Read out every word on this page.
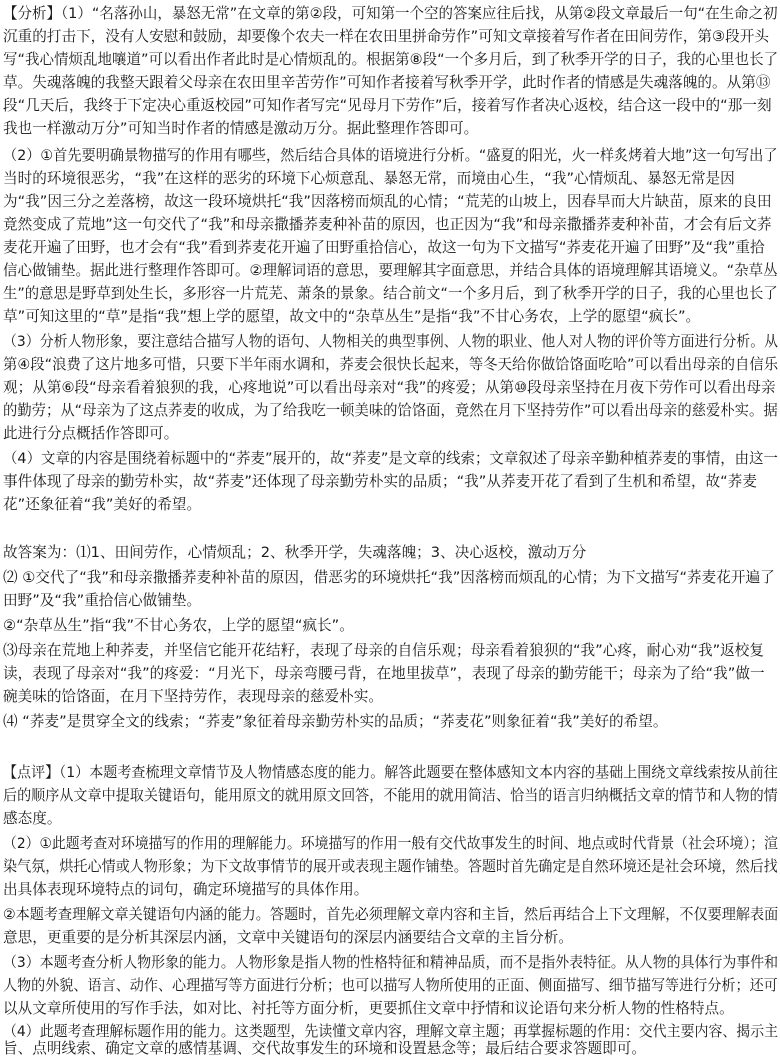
【分析】（1）“名落孙山，暴怒无常”在文章的第②段，可知第一个空的答案应往后找，从第②段文章最后一句“在生命之初
沉重的打击下，没有人安慰和鼓励，却要像个农夫一样在农田里拼命劳作”可知文章接着写作者在田间劳作，第③段开头
写“我心情烦乱地嚷道”可以看出作者此时是心情烦乱的。根据第⑧段“一个多月后，到了秋季开学的日子，我的心里也长了
草。失魂落魄的我整天跟着父母亲在农田里辛苦劳作”可知作者接着写秋季开学，此时作者的情感是失魂落魄的。从第⑬
段“几天后，我终于下定决心重返校园”可知作者写完“见母月下劳作”后，接着写作者决心返校，结合这一段中的“那一刻
我也一样激动万分”可知当时作者的情感是激动万分。据此整理作答即可。
（2）①首先要明确景物描写的作用有哪些，然后结合具体的语境进行分析。“盛夏的阳光，火一样炙烤着大地”这一句写出了
当时的环境很恶劣，“我”在这样的恶劣的环境下心烦意乱、暴怒无常，而境由心生，“我”心情烦乱、暴怒无常是因
为“我”因三分之差落榜，故这一段环境烘托“我”因落榜而烦乱的心情；“荒芜的山坡上，因春旱而大片缺苗，原来的良田
竟然变成了荒地”这一句交代了“我”和母亲撒播荞麦种补苗的原因，也正因为“我”和母亲撒播荞麦种补苗，才会有后文荞
麦花开遍了田野，也才会有“我”看到荞麦花开遍了田野重拾信心，故这一句为下文描写“荞麦花开遍了田野”及“我”重拾
信心做铺垫。据此进行整理作答即可。②理解词语的意思，要理解其字面意思，并结合具体的语境理解其语境义。“杂草丛
生”的意思是野草到处生长，多形容一片荒芜、萧条的景象。结合前文“一个多月后，到了秋季开学的日子，我的心里也长了
草”可知这里的“草”是指“我”想上学的愿望，故文中的“杂草丛生”是指“我”不甘心务农，上学的愿望“疯长”。
（3）分析人物形象，要注意结合描写人物的语句、人物相关的典型事例、人物的职业、他人对人物的评价等方面进行分析。从
第④段“浪费了这片地多可惜，只要下半年雨水调和，荞麦会很快长起来，等冬天给你做饸饹面吃哈”可以看出母亲的自信乐
观；从第⑥段“母亲看着狼狈的我，心疼地说”可以看出母亲对“我”的疼爱；从第⑩段母亲坚持在月夜下劳作可以看出母亲
的勤劳；从“母亲为了这点荞麦的收成，为了给我吃一顿美味的饸饹面，竟然在月下坚持劳作”可以看出母亲的慈爱朴实。据
此进行分点概括作答即可。
（4）文章的内容是围绕着标题中的“荞麦”展开的，故“荞麦”是文章的线索；文章叙述了母亲辛勤种植荞麦的事情，由这一
事件体现了母亲的勤劳朴实，故“荞麦”还体现了母亲勤劳朴实的品质；“我”从荞麦开花了看到了生机和希望，故“荞麦
花”还象征着“我”美好的希望。
故答案为：⑴1、田间劳作，心情烦乱；2、秋季开学，失魂落魄；3、决心返校，激动万分
⑵ ①交代了“我”和母亲撒播荞麦种补苗的原因，借恶劣的环境烘托“我”因落榜而烦乱的心情；为下文描写“荞麦花开遍了
田野”及“我”重拾信心做铺垫。
②“杂草丛生”指“我”不甘心务农，上学的愿望“疯长”。
⑶母亲在荒地上种荞麦，并坚信它能开花结籽，表现了母亲的自信乐观；母亲看着狼狈的“我”心疼，耐心劝“我”返校复
读，表现了母亲对“我”的疼爱：“月光下，母亲弯腰弓背，在地里拔草”，表现了母亲的勤劳能干；母亲为了给“我”做一
碗美味的饸饹面，在月下坚持劳作，表现母亲的慈爱朴实。
⑷ “荞麦”是贯穿全文的线索；“荞麦”象征着母亲勤劳朴实的品质；“荞麦花”则象征着“我”美好的希望。
【点评】（1）本题考查梳理文章情节及人物情感态度的能力。解答此题要在整体感知文本内容的基础上围绕文章线索按从前往
后的顺序从文章中提取关键语句，能用原文的就用原文回答，不能用的就用简洁、恰当的语言归纳概括文章的情节和人物的情
感态度。
（2）①此题考查对环境描写的作用的理解能力。环境描写的作用一般有交代故事发生的时间、地点或时代背景（社会环境）；渲
染气氛，烘托心情或人物形象；为下文故事情节的展开或表现主题作铺垫。答题时首先确定是自然环境还是社会环境，然后找
出具体表现环境特点的词句，确定环境描写的具体作用。
②本题考查理解文章关键语句内涵的能力。答题时，首先必须理解文章内容和主旨，然后再结合上下文理解，不仅要理解表面
意思，更重要的是分析其深层内涵，文章中关键语句的深层内涵要结合文章的主旨分析。
（3）本题考查分析人物形象的能力。人物形象是指人物的性格特征和精神品质，而不是指外表特征。从人物的具体行为事件和
人物的外貌、语言、动作、心理描写等方面进行分析；也可以描写人物所使用的正面、侧面描写、细节描写等进行分析；还可
以从文章所使用的写作手法，如对比、衬托等方面分析，更要抓住文章中抒情和议论语句来分析人物的性格特点。
（4）此题考查理解标题作用的能力。这类题型，先读懂文章内容，理解文章主题；再掌握标题的作用：交代主要内容、揭示主
旨、点明线索、确定文章的感情基调、交代故事发生的环境和设置悬念等；最后结合要求答题即可。
